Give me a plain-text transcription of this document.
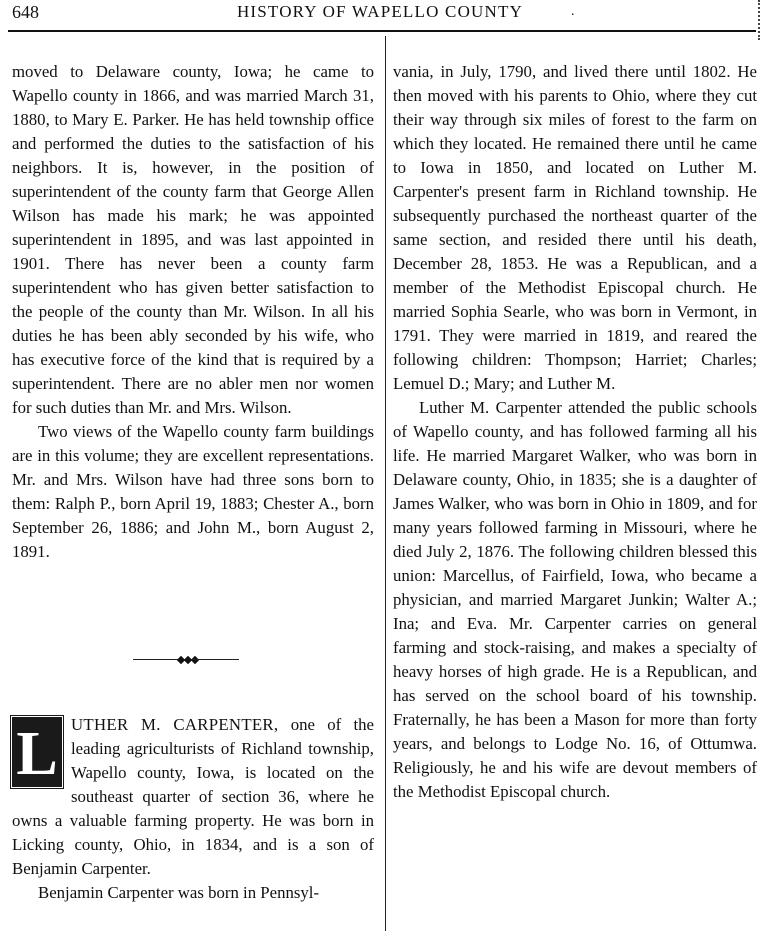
648	HISTORY OF WAPELLO COUNTY	.

moved to Delaware county, Iowa; he came to Wapello county in 1866, and was married March 31, 1880, to Mary E. Parker. He has held township office and performed the duties to the satisfaction of his neighbors. It is, however, in the position of superintendent of the county farm that George Allen Wilson has made his mark; he was appointed superintendent in 1895, and was last appointed in 1901. There has never been a county farm superintendent who has given better satisfaction to the people of the county than Mr. Wilson. In all his duties he has been ably seconded by his wife, who has executive force of the kind that is required by a superintendent. There are no abler men nor women for such duties than Mr. and Mrs. Wilson.

Two views of the Wapello county farm buildings are in this volume; they are excellent representations. Mr. and Mrs. Wilson have had three sons born to them: Ralph P., born April 19, 1883; Chester A., born September 26, 1886; and John M., born August 2, 1891.

L UTHER M. CARPENTER, one of the leading agriculturists of Richland township, Wapello county, Iowa, is located on the southeast quarter of section 36, where he owns a valuable farming property. He was born in Licking county, Ohio, in 1834, and is a son of Benjamin Carpenter.

Benjamin Carpenter was born in Pennsyl-

vania, in July, 1790, and lived there until 1802. He then moved with his parents to Ohio, where they cut their way through six miles of forest to the farm on which they located. He remained there until he came to Iowa in 1850, and located on Luther M. Carpenter's present farm in Richland township. He subsequently purchased the northeast quarter of the same section, and resided there until his death, December 28, 1853. He was a Republican, and a member of the Methodist Episcopal church. He married Sophia Searle, who was born in Vermont, in 1791. They were married in 1819, and reared the following children: Thompson; Harriet; Charles; Lemuel D.; Mary; and Luther M.

Luther M. Carpenter attended the public schools of Wapello county, and has followed farming all his life. He married Margaret Walker, who was born in Delaware county, Ohio, in 1835; she is a daughter of James Walker, who was born in Ohio in 1809, and for many years followed farming in Missouri, where he died July 2, 1876. The following children blessed this union: Marcellus, of Fairfield, Iowa, who became a physician, and married Margaret Junkin; Walter A.; Ina; and Eva. Mr. Carpenter carries on general farming and stock-raising, and makes a specialty of heavy horses of high grade. He is a Republican, and has served on the school board of his township. Fraternally, he has been a Mason for more than forty years, and belongs to Lodge No. 16, of Ottumwa. Religiously, he and his wife are devout members of the Methodist Episcopal church.
